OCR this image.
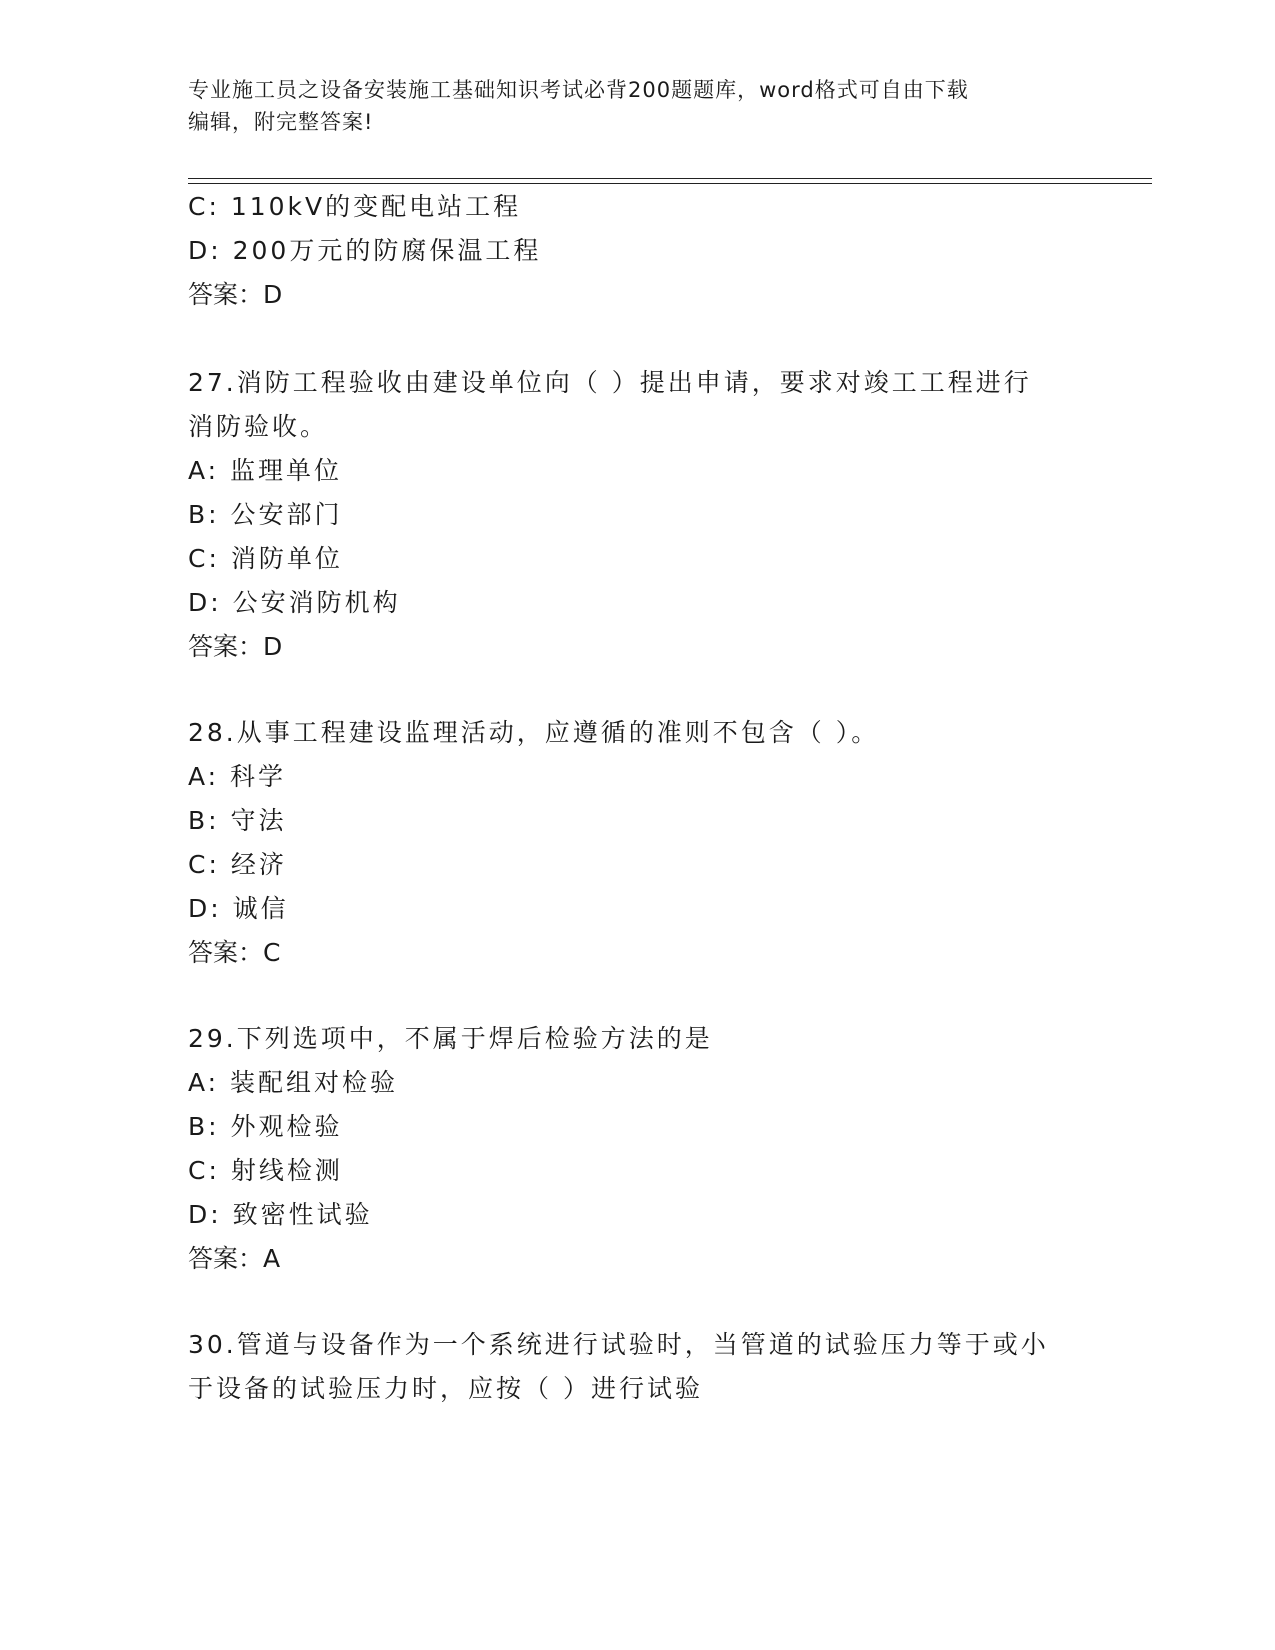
专业施工员之设备安装施工基础知识考试必背200题题库，word格式可自由下载
编辑，附完整答案!
C: 110kV的变配电站工程
D: 200万元的防腐保温工程
答案：D
27.消防工程验收由建设单位向（ ）提出申请，要求对竣工工程进行
消防验收。
A: 监理单位
B: 公安部门
C: 消防单位
D: 公安消防机构
答案：D
28.从事工程建设监理活动，应遵循的准则不包含（ ）。
A: 科学
B: 守法
C: 经济
D: 诚信
答案：C
29.下列选项中，不属于焊后检验方法的是
A: 装配组对检验
B: 外观检验
C: 射线检测
D: 致密性试验
答案：A
30.管道与设备作为一个系统进行试验时，当管道的试验压力等于或小
于设备的试验压力时，应按（ ）进行试验
